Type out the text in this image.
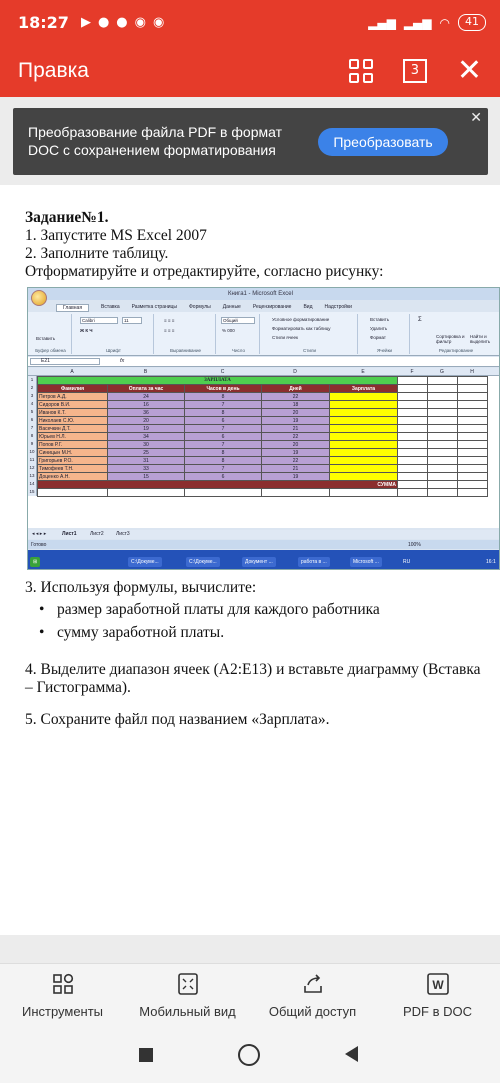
18:27 ▶ ● ● ◉ ◉	▂▄▆ ▂▄▆ ◠	41
Правка	3 ✕
Преобразование файла PDF в формат DOC с сохранением форматирования	Преобразовать
✕

Задание№1.

1. Запустите MS Excel 2007

2. Заполните таблицу.

Отформатируйте и отредактируйте, согласно рисунку:

Книга1 - Microsoft Excel
Главная	Вставка Разметка страницы Формулы Данные Рецензирование Вид Надстройки
Вставить
Буфер обмена
Calibri	11
Ж К Ч
Шрифт
≡ ≡ ≡
≡ ≡ ≡
Выравнивание
Общий
% 000
Число
Условное форматирование
Форматировать как таблицу
Стили ячеек
Стили
Вставить
Удалить
Формат
Ячейки
Σ
Сортировка и фильтр
Найти и выделить
Редактирование
E21	fx
A	B	C	D	E	F	G	H
1
2
3
4
5
6
7
8
9
10
11
12
13
14
15
ЗАРПЛАТА							
Фамилия	Оплата за час	Часов в день	Дней	Зарплата			
Петров А.Д.	24	8	22				
Сидоров В.И.	16	7	18				
Иванов К.Т.	36	8	20				
Николаев С.Ю.	20	6	19				
Васечкин Д.Т.	19	7	21				
Юрьев Н.Л.	34	6	22				
Попов Р.Г.	30	7	20				
Синицын М.Н.	25	8	19				
Григорьев Р.О.	31	8	22				
Тимофеев Т.Н.	33	7	21				
Доценко А.Н.	15	6	19				
СУММА							

◂ ◂ ▸ ▸	Лист1	Лист2 Лист3
Готово	100%
⊞	C:\Докуме...	C:\Докуме...	Документ ...	работа в ...	Microsoft ...	RU	16:1

3. Используя формулы, вычислите:

• размер заработной платы для каждого работника
• сумму заработной платы.

4. Выделите диапазон ячеек (A2:E13) и вставьте диаграмму (Вставка

– Гистограмма).

5. Сохраните файл под названием «Зарплата».

Инструменты	Мобильный вид	Общий доступ
W
PDF в DOC
